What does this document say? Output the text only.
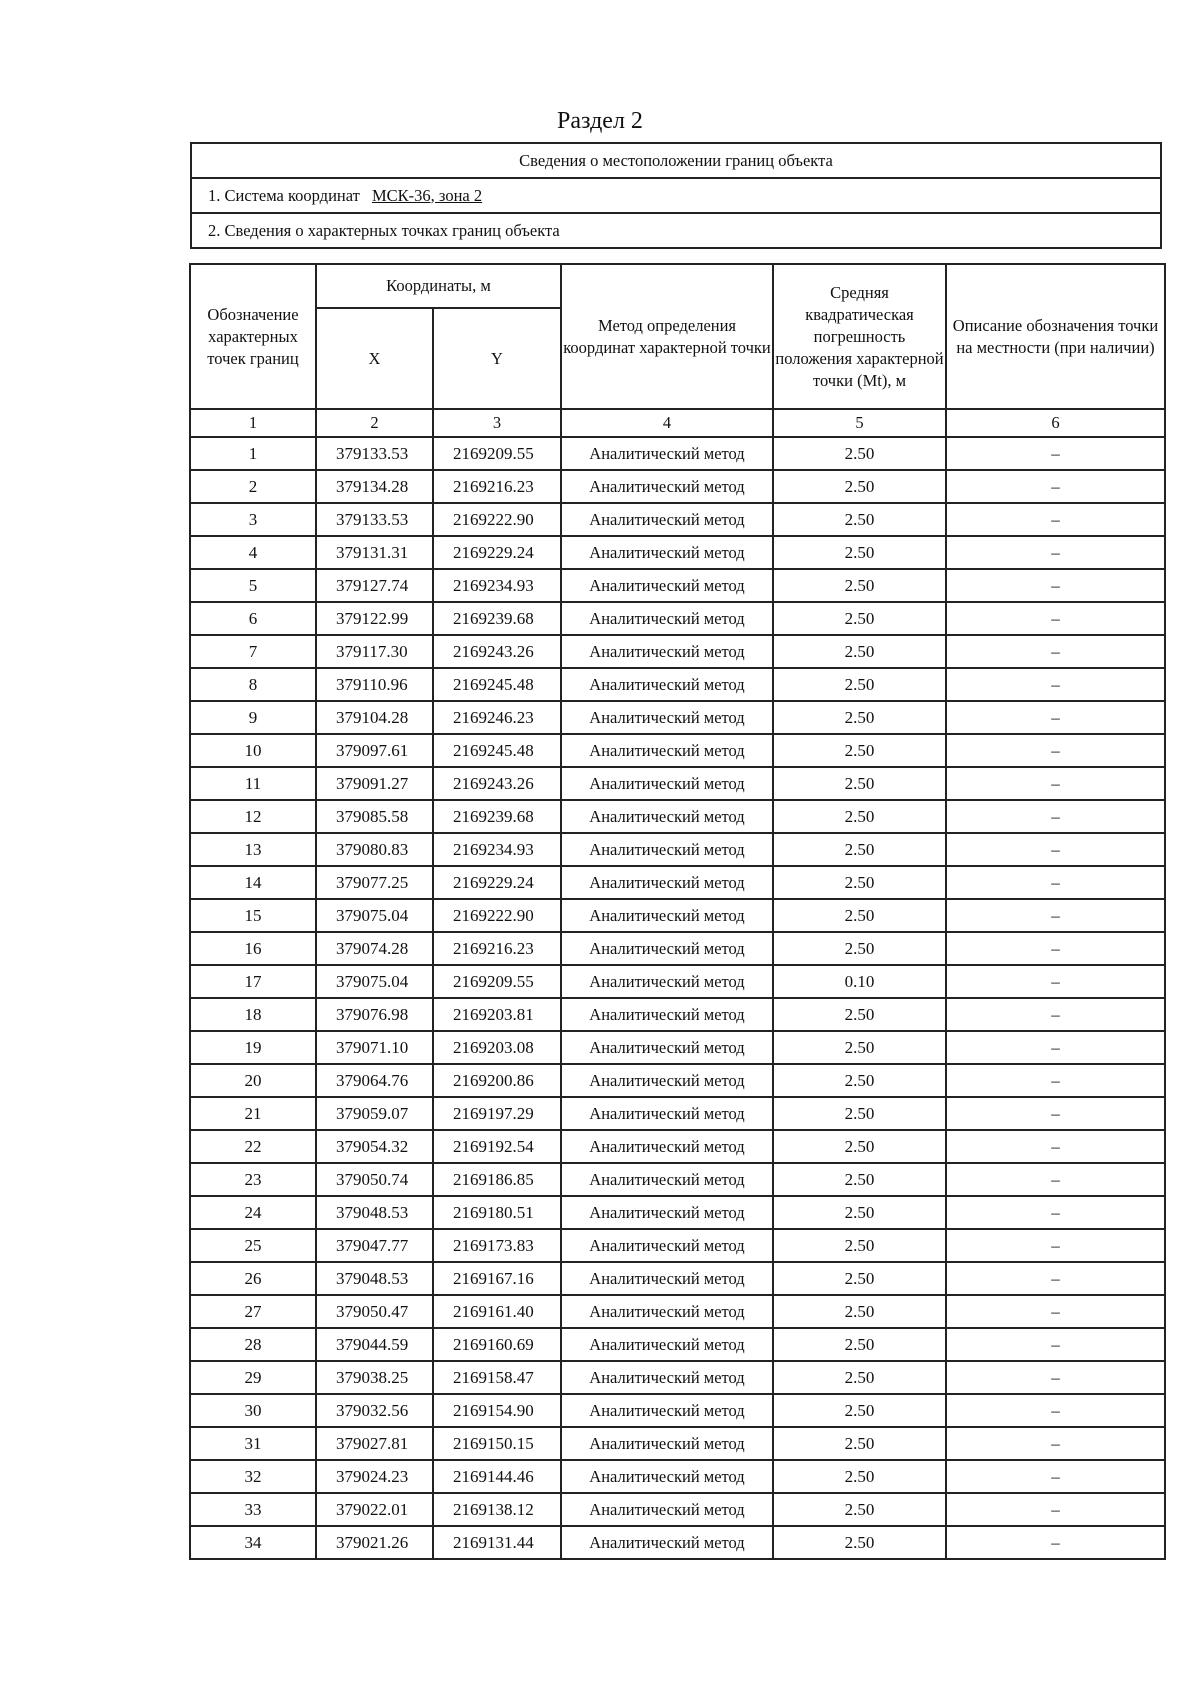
Раздел 2
Сведения о местоположении границ объекта
1. Система координат МСК-36, зона 2
2. Сведения о характерных точках границ объекта
Обозначение характерных точек границ	Координаты, м		Метод определения координат характерной точки	Средняя квадратическая погрешность положения характерной точки (Mt), м	Описание обозначения точки на местности (при наличии)
	X	Y			
1	2	3	4	5	6
1	379133.53	2169209.55	Аналитический метод	2.50	–
2	379134.28	2169216.23	Аналитический метод	2.50	–
3	379133.53	2169222.90	Аналитический метод	2.50	–
4	379131.31	2169229.24	Аналитический метод	2.50	–
5	379127.74	2169234.93	Аналитический метод	2.50	–
6	379122.99	2169239.68	Аналитический метод	2.50	–
7	379117.30	2169243.26	Аналитический метод	2.50	–
8	379110.96	2169245.48	Аналитический метод	2.50	–
9	379104.28	2169246.23	Аналитический метод	2.50	–
10	379097.61	2169245.48	Аналитический метод	2.50	–
11	379091.27	2169243.26	Аналитический метод	2.50	–
12	379085.58	2169239.68	Аналитический метод	2.50	–
13	379080.83	2169234.93	Аналитический метод	2.50	–
14	379077.25	2169229.24	Аналитический метод	2.50	–
15	379075.04	2169222.90	Аналитический метод	2.50	–
16	379074.28	2169216.23	Аналитический метод	2.50	–
17	379075.04	2169209.55	Аналитический метод	0.10	–
18	379076.98	2169203.81	Аналитический метод	2.50	–
19	379071.10	2169203.08	Аналитический метод	2.50	–
20	379064.76	2169200.86	Аналитический метод	2.50	–
21	379059.07	2169197.29	Аналитический метод	2.50	–
22	379054.32	2169192.54	Аналитический метод	2.50	–
23	379050.74	2169186.85	Аналитический метод	2.50	–
24	379048.53	2169180.51	Аналитический метод	2.50	–
25	379047.77	2169173.83	Аналитический метод	2.50	–
26	379048.53	2169167.16	Аналитический метод	2.50	–
27	379050.47	2169161.40	Аналитический метод	2.50	–
28	379044.59	2169160.69	Аналитический метод	2.50	–
29	379038.25	2169158.47	Аналитический метод	2.50	–
30	379032.56	2169154.90	Аналитический метод	2.50	–
31	379027.81	2169150.15	Аналитический метод	2.50	–
32	379024.23	2169144.46	Аналитический метод	2.50	–
33	379022.01	2169138.12	Аналитический метод	2.50	–
34	379021.26	2169131.44	Аналитический метод	2.50	–
